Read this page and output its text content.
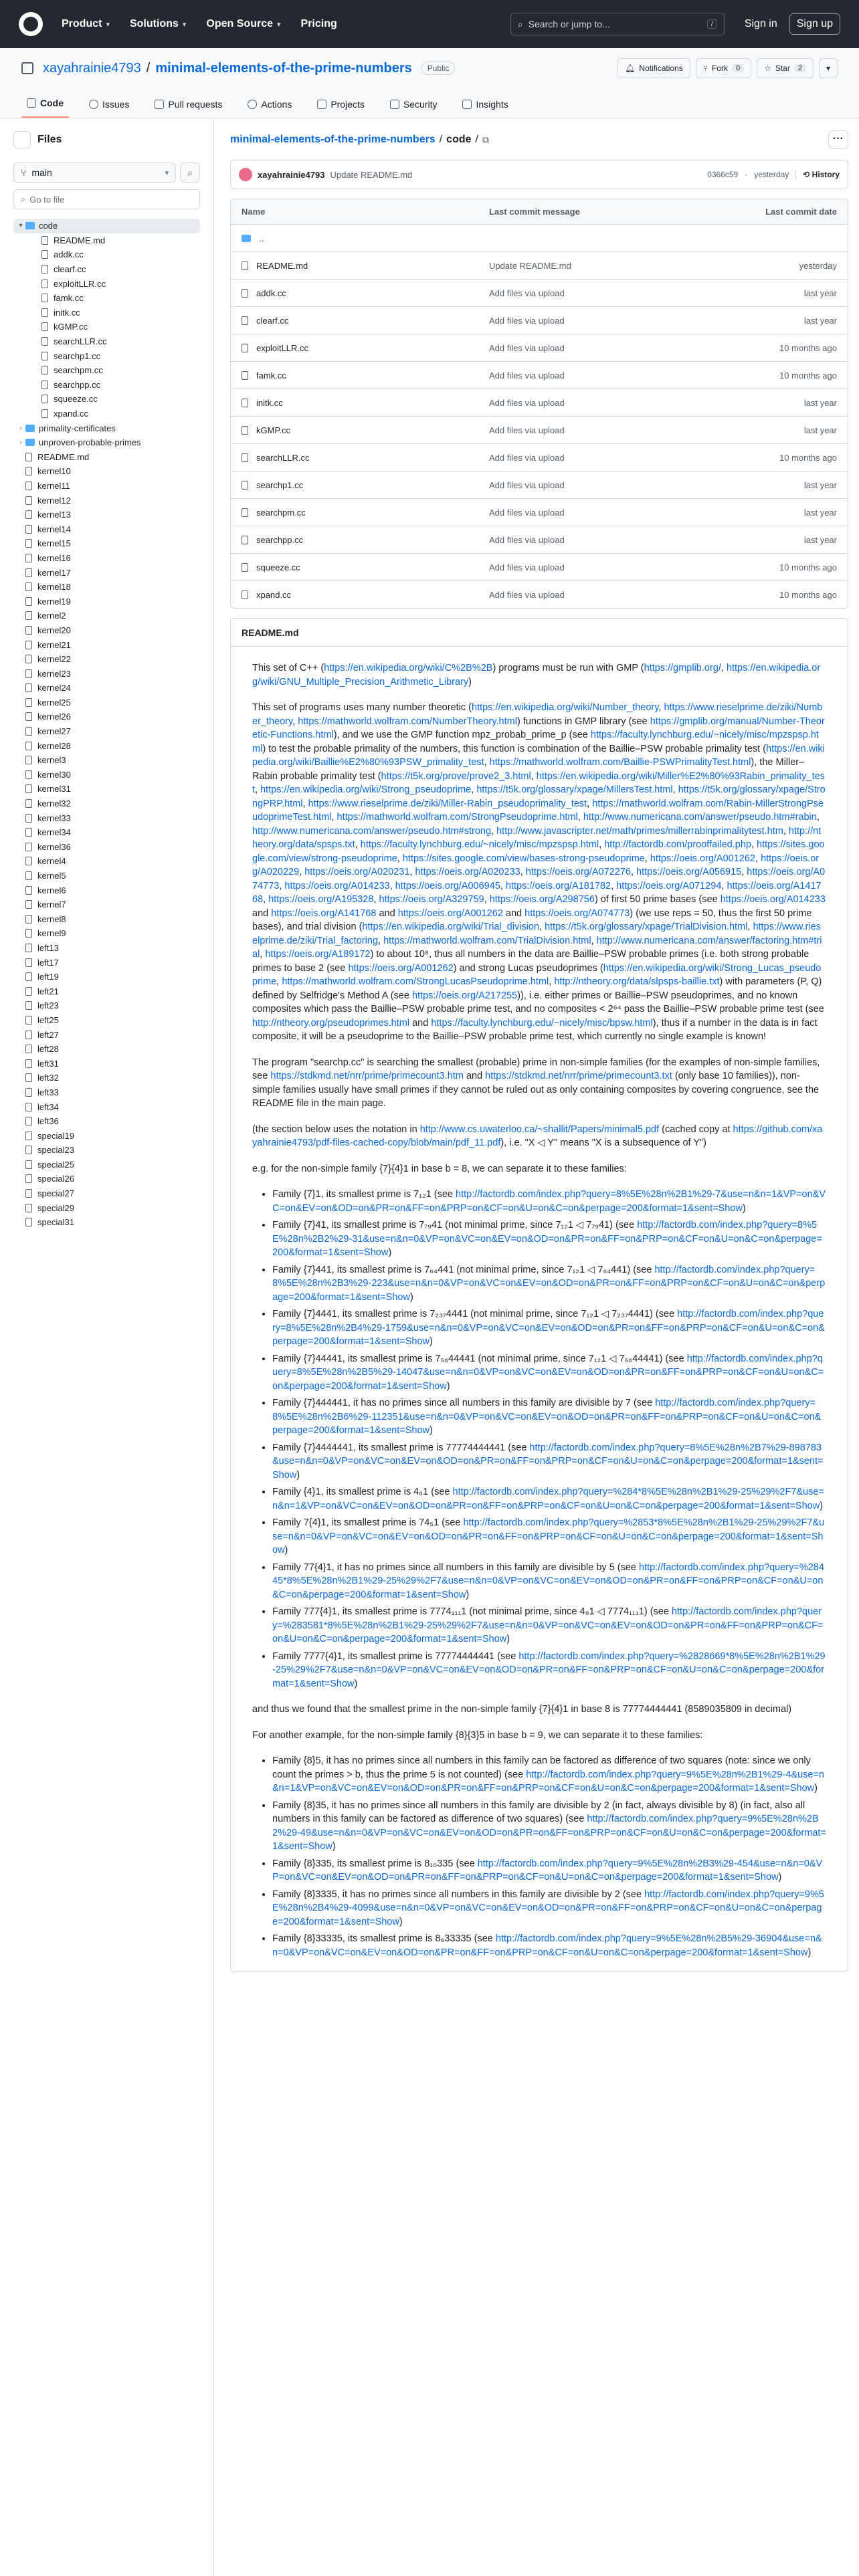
Product ▾ Solutions ▾ Open Source ▾ Pricing	⌕ Search or jump to...	/	Sign in	Sign up
xayahrainie4793 / minimal-elements-of-the-prime-numbers	Public	🔔︎ Notifications	⑂ Fork	0	☆ Star	2	▾
Code	Issues	Pull requests	Actions	Projects	Security	Insights
Files
⑂ main	▾ ⌕
⌕ Go to file
▾	code
README.md
addk.cc
clearf.cc
exploitLLR.cc
famk.cc
initk.cc
kGMP.cc
searchLLR.cc
searchp1.cc
searchpm.cc
searchpp.cc
squeeze.cc
xpand.cc
›	primality-certificates
›	unproven-probable-primes
README.md
kernel10
kernel11
kernel12
kernel13
kernel14
kernel15
kernel16
kernel17
kernel18
kernel19
kernel2
kernel20
kernel21
kernel22
kernel23
kernel24
kernel25
kernel26
kernel27
kernel28
kernel3
kernel30
kernel31
kernel32
kernel33
kernel34
kernel36
kernel4
kernel5
kernel6
kernel7
kernel8
kernel9
left13
left17
left19
left21
left23
left25
left27
left28
left31
left32
left33
left34
left36
special19
special23
special25
special26
special27
special29
special31
minimal-elements-of-the-prime-numbers / code / ⧉	···
xayahrainie4793 Update README.md	0366c59 · yesterday	⟲ History
Name	Last commit message	Last commit date
..
README.md	Update README.md	yesterday
addk.cc	Add files via upload	last year
clearf.cc	Add files via upload	last year
exploitLLR.cc	Add files via upload	10 months ago
famk.cc	Add files via upload	10 months ago
initk.cc	Add files via upload	last year
kGMP.cc	Add files via upload	last year
searchLLR.cc	Add files via upload	10 months ago
searchp1.cc	Add files via upload	last year
searchpm.cc	Add files via upload	last year
searchpp.cc	Add files via upload	last year
squeeze.cc	Add files via upload	10 months ago
xpand.cc	Add files via upload	10 months ago
README.md

This set of C++ (https://en.wikipedia.org/wiki/C%2B%2B) programs must be run with GMP (https://gmplib.org/, https://en.wikipedia.org/wiki/GNU_Multiple_Precision_Arithmetic_Library)

This set of programs uses many number theoretic (https://en.wikipedia.org/wiki/Number_theory, https://www.rieselprime.de/ziki/Number_theory, https://mathworld.wolfram.com/NumberTheory.html) functions in GMP library (see https://gmplib.org/manual/Number-Theoretic-Functions.html), and we use the GMP function mpz_probab_prime_p (see https://faculty.lynchburg.edu/~nicely/misc/mpzspsp.html) to test the probable primality of the numbers, this function is combination of the Baillie–PSW probable primality test (https://en.wikipedia.org/wiki/Baillie%E2%80%93PSW_primality_test, https://mathworld.wolfram.com/Baillie-PSWPrimalityTest.html), the Miller–Rabin probable primality test (https://t5k.org/prove/prove2_3.html, https://en.wikipedia.org/wiki/Miller%E2%80%93Rabin_primality_test, https://en.wikipedia.org/wiki/Strong_pseudoprime, https://t5k.org/glossary/xpage/MillersTest.html, https://t5k.org/glossary/xpage/StrongPRP.html, https://www.rieselprime.de/ziki/Miller-Rabin_pseudoprimality_test, https://mathworld.wolfram.com/Rabin-MillerStrongPseudoprimeTest.html, https://mathworld.wolfram.com/StrongPseudoprime.html, http://www.numericana.com/answer/pseudo.htm#rabin, http://www.numericana.com/answer/pseudo.htm#strong, http://www.javascripter.net/math/primes/millerrabinprimalitytest.htm, http://ntheory.org/data/spsps.txt, https://faculty.lynchburg.edu/~nicely/misc/mpzspsp.html, http://factordb.com/prooffailed.php, https://sites.google.com/view/strong-pseudoprime, https://sites.google.com/view/bases-strong-pseudoprime, https://oeis.org/A001262, https://oeis.org/A020229, https://oeis.org/A020231, https://oeis.org/A020233, https://oeis.org/A072276, https://oeis.org/A056915, https://oeis.org/A074773, https://oeis.org/A014233, https://oeis.org/A006945, https://oeis.org/A181782, https://oeis.org/A071294, https://oeis.org/A141768, https://oeis.org/A195328, https://oeis.org/A329759, https://oeis.org/A298756) of first 50 prime bases (see https://oeis.org/A014233 and https://oeis.org/A141768 and https://oeis.org/A001262 and https://oeis.org/A074773) (we use reps = 50, thus the first 50 prime bases), and trial division (https://en.wikipedia.org/wiki/Trial_division, https://t5k.org/glossary/xpage/TrialDivision.html, https://www.rieselprime.de/ziki/Trial_factoring, https://mathworld.wolfram.com/TrialDivision.html, http://www.numericana.com/answer/factoring.htm#trial, https://oeis.org/A189172) to about 10⁸, thus all numbers in the data are Baillie–PSW probable primes (i.e. both strong probable primes to base 2 (see https://oeis.org/A001262) and strong Lucas pseudoprimes (https://en.wikipedia.org/wiki/Strong_Lucas_pseudoprime, https://mathworld.wolfram.com/StrongLucasPseudoprime.html, http://ntheory.org/data/slpsps-baillie.txt) with parameters (P, Q) defined by Selfridge's Method A (see https://oeis.org/A217255)), i.e. either primes or Baillie–PSW pseudoprimes, and no known composites which pass the Baillie–PSW probable prime test, and no composites < 2⁶⁴ pass the Baillie–PSW probable prime test (see http://ntheory.org/pseudoprimes.html and https://faculty.lynchburg.edu/~nicely/misc/bpsw.html), thus if a number in the data is in fact composite, it will be a pseudoprime to the Baillie–PSW probable prime test, which currently no single example is known!

The program "searchp.cc" is searching the smallest (probable) prime in non-simple families (for the examples of non-simple families, see https://stdkmd.net/nrr/prime/primecount3.htm and https://stdkmd.net/nrr/prime/primecount3.txt (only base 10 families)), non-simple families usually have small primes if they cannot be ruled out as only containing composites by covering congruence, see the README file in the main page.

(the section below uses the notation in http://www.cs.uwaterloo.ca/~shallit/Papers/minimal5.pdf (cached copy at https://github.com/xayahrainie4793/pdf-files-cached-copy/blob/main/pdf_11.pdf), i.e. "X ◁ Y" means "X is a subsequence of Y")

e.g. for the non-simple family {7}{4}1 in base b = 8, we can separate it to these families:

• Family {7}1, its smallest prime is 7₁₂1 (see http://factordb.com/index.php?query=8%5E%28n%2B1%29-7&use=n&n=1&VP=on&VC=on&EV=on&OD=on&PR=on&FF=on&PRP=on&CF=on&U=on&C=on&perpage=200&format=1&sent=Show)
• Family {7}41, its smallest prime is 7₇₉41 (not minimal prime, since 7₁₂1 ◁ 7₇₉41) (see http://factordb.com/index.php?query=8%5E%28n%2B2%29-31&use=n&n=0&VP=on&VC=on&EV=on&OD=on&PR=on&FF=on&PRP=on&CF=on&U=on&C=on&perpage=200&format=1&sent=Show)
• Family {7}441, its smallest prime is 7₆₄441 (not minimal prime, since 7₁₂1 ◁ 7₆₄441) (see http://factordb.com/index.php?query=8%5E%28n%2B3%29-223&use=n&n=0&VP=on&VC=on&EV=on&OD=on&PR=on&FF=on&PRP=on&CF=on&U=on&C=on&perpage=200&format=1&sent=Show)
• Family {7}4441, its smallest prime is 7₂₃₇4441 (not minimal prime, since 7₁₂1 ◁ 7₂₃₇4441) (see http://factordb.com/index.php?query=8%5E%28n%2B4%29-1759&use=n&n=0&VP=on&VC=on&EV=on&OD=on&PR=on&FF=on&PRP=on&CF=on&U=on&C=on&perpage=200&format=1&sent=Show)
• Family {7}44441, its smallest prime is 7₅₆44441 (not minimal prime, since 7₁₂1 ◁ 7₅₆44441) (see http://factordb.com/index.php?query=8%5E%28n%2B5%29-14047&use=n&n=0&VP=on&VC=on&EV=on&OD=on&PR=on&FF=on&PRP=on&CF=on&U=on&C=on&perpage=200&format=1&sent=Show)
• Family {7}444441, it has no primes since all numbers in this family are divisible by 7 (see http://factordb.com/index.php?query=8%5E%28n%2B6%29-112351&use=n&n=0&VP=on&VC=on&EV=on&OD=on&PR=on&FF=on&PRP=on&CF=on&U=on&C=on&perpage=200&format=1&sent=Show)
• Family {7}4444441, its smallest prime is 77774444441 (see http://factordb.com/index.php?query=8%5E%28n%2B7%29-898783&use=n&n=0&VP=on&VC=on&EV=on&OD=on&PR=on&FF=on&PRP=on&CF=on&U=on&C=on&perpage=200&format=1&sent=Show)
• Family {4}1, its smallest prime is 4₈1 (see http://factordb.com/index.php?query=%284*8%5E%28n%2B1%29-25%29%2F7&use=n&n=1&VP=on&VC=on&EV=on&OD=on&PR=on&FF=on&PRP=on&CF=on&U=on&C=on&perpage=200&format=1&sent=Show)
• Family 7{4}1, its smallest prime is 74₅1 (see http://factordb.com/index.php?query=%2853*8%5E%28n%2B1%29-25%29%2F7&use=n&n=0&VP=on&VC=on&EV=on&OD=on&PR=on&FF=on&PRP=on&CF=on&U=on&C=on&perpage=200&format=1&sent=Show)
• Family 77{4}1, it has no primes since all numbers in this family are divisible by 5 (see http://factordb.com/index.php?query=%28445*8%5E%28n%2B1%29-25%29%2F7&use=n&n=0&VP=on&VC=on&EV=on&OD=on&PR=on&FF=on&PRP=on&CF=on&U=on&C=on&perpage=200&format=1&sent=Show)
• Family 777{4}1, its smallest prime is 7774₁₁₁1 (not minimal prime, since 4₈1 ◁ 7774₁₁₁1) (see http://factordb.com/index.php?query=%283581*8%5E%28n%2B1%29-25%29%2F7&use=n&n=0&VP=on&VC=on&EV=on&OD=on&PR=on&FF=on&PRP=on&CF=on&U=on&C=on&perpage=200&format=1&sent=Show)
• Family 7777{4}1, its smallest prime is 77774444441 (see http://factordb.com/index.php?query=%2828669*8%5E%28n%2B1%29-25%29%2F7&use=n&n=0&VP=on&VC=on&EV=on&OD=on&PR=on&FF=on&PRP=on&CF=on&U=on&C=on&perpage=200&format=1&sent=Show)

and thus we found that the smallest prime in the non-simple family {7}{4}1 in base 8 is 77774444441 (8589035809 in decimal)

For another example, for the non-simple family {8}{3}5 in base b = 9, we can separate it to these families:

• Family {8}5, it has no primes since all numbers in this family can be factored as difference of two squares (note: since we only count the primes > b, thus the prime 5 is not counted) (see http://factordb.com/index.php?query=9%5E%28n%2B1%29-4&use=n&n=1&VP=on&VC=on&EV=on&OD=on&PR=on&FF=on&PRP=on&CF=on&U=on&C=on&perpage=200&format=1&sent=Show)
• Family {8}35, it has no primes since all numbers in this family are divisible by 2 (in fact, always divisible by 8) (in fact, also all numbers in this family can be factored as difference of two squares) (see http://factordb.com/index.php?query=9%5E%28n%2B2%29-49&use=n&n=0&VP=on&VC=on&EV=on&OD=on&PR=on&FF=on&PRP=on&CF=on&U=on&C=on&perpage=200&format=1&sent=Show)
• Family {8}335, its smallest prime is 8₁₀335 (see http://factordb.com/index.php?query=9%5E%28n%2B3%29-454&use=n&n=0&VP=on&VC=on&EV=on&OD=on&PR=on&FF=on&PRP=on&CF=on&U=on&C=on&perpage=200&format=1&sent=Show)
• Family {8}3335, it has no primes since all numbers in this family are divisible by 2 (see http://factordb.com/index.php?query=9%5E%28n%2B4%29-4099&use=n&n=0&VP=on&VC=on&EV=on&OD=on&PR=on&FF=on&PRP=on&CF=on&U=on&C=on&perpage=200&format=1&sent=Show)
• Family {8}33335, its smallest prime is 8₆33335 (see http://factordb.com/index.php?query=9%5E%28n%2B5%29-36904&use=n&n=0&VP=on&VC=on&EV=on&OD=on&PR=on&FF=on&PRP=on&CF=on&U=on&C=on&perpage=200&format=1&sent=Show)
